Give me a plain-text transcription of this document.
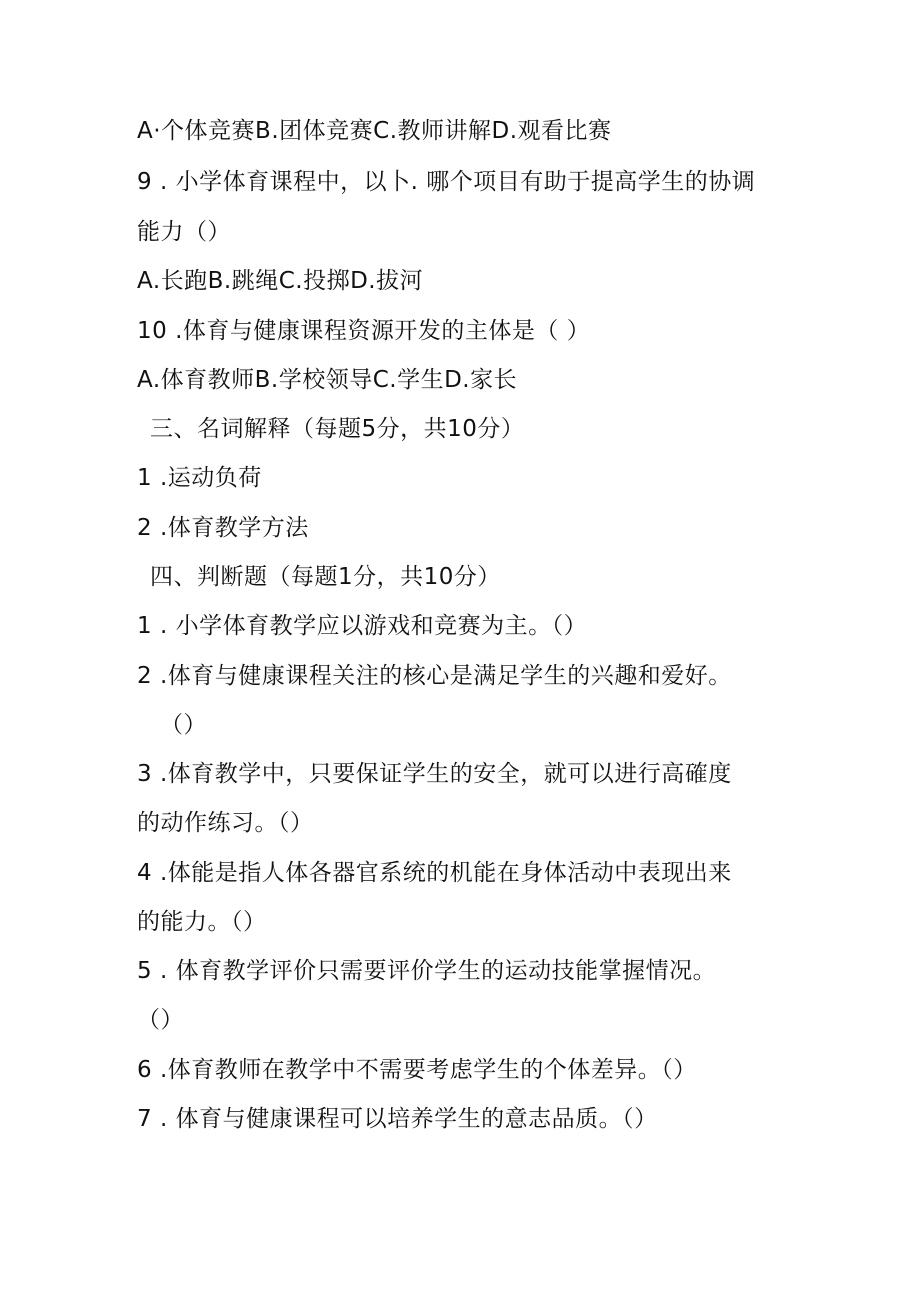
A·个体竞赛B.团体竞赛C.教师讲解D.观看比赛
9 . 小学体育课程中，以卜. 哪个项目有助于提高学生的协调
能力（）
A.长跑B.跳绳C.投掷D.拔河
10 .体育与健康课程资源开发的主体是（ ）
A.体育教师B.学校领导C.学生D.家长
三、名词解释（每题5分，共10分）
1 .运动负荷
2 .体育教学方法
四、判断题（每题1分，共10分）
1 . 小学体育教学应以游戏和竞赛为主。（）
2 .体育与健康课程关注的核心是满足学生的兴趣和爱好。
（）
3 .体育教学中，只要保证学生的安全，就可以进行高確度
的动作练习。（）
4 .体能是指人体各器官系统的机能在身体活动中表现出来
的能力。（）
5 . 体育教学评价只需要评价学生的运动技能掌握情况。
（）
6 .体育教师在教学中不需要考虑学生的个体差异。（）
7 . 体育与健康课程可以培养学生的意志品质。（）
